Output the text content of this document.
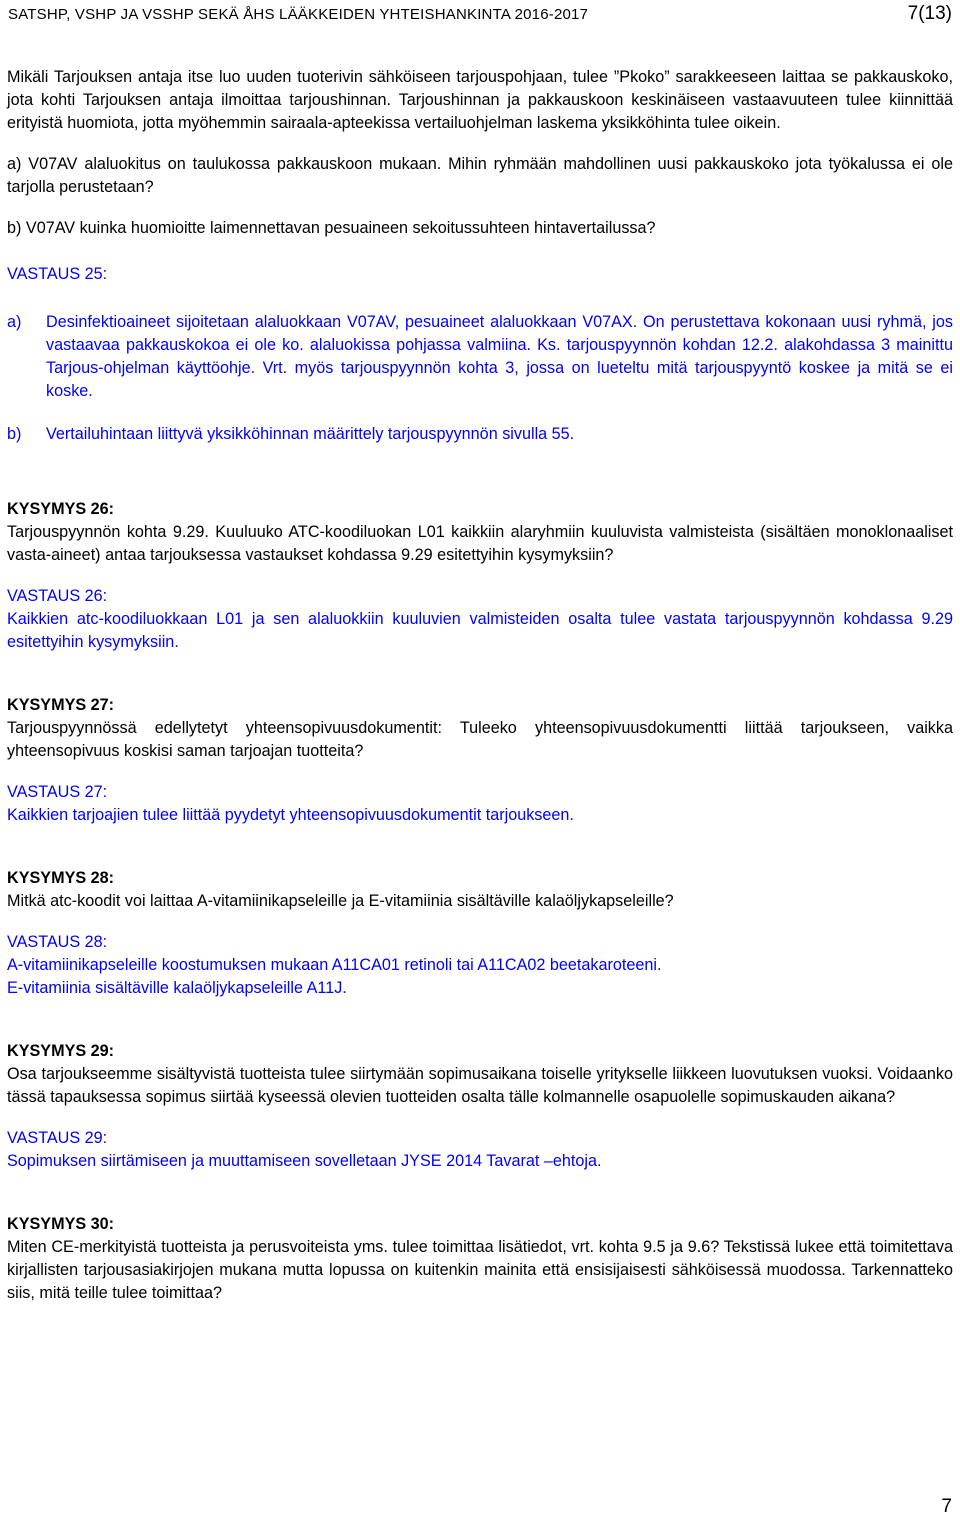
SATSHP, VSHP JA VSSHP SEKÄ ÅHS LÄÄKKEIDEN YHTEISHANKINTA 2016-2017	7(13)

Mikäli Tarjouksen antaja itse luo uuden tuoterivin sähköiseen tarjouspohjaan, tulee ”Pkoko” sarakkeeseen laittaa se pakkauskoko, jota kohti Tarjouksen antaja ilmoittaa tarjoushinnan. Tarjoushinnan ja pakkauskoon keskinäiseen vastaavuuteen tulee kiinnittää erityistä huomiota, jotta myöhemmin sairaala-apteekissa vertailuohjelman laskema yksikköhinta tulee oikein.

a) V07AV alaluokitus on taulukossa pakkauskoon mukaan. Mihin ryhmään mahdollinen uusi pakkauskoko jota työkalussa ei ole tarjolla perustetaan?

b) V07AV kuinka huomioitte laimennettavan pesuaineen sekoitussuhteen hintavertailussa?

VASTAUS 25:

a)	Desinfektioaineet sijoitetaan alaluokkaan V07AV, pesuaineet alaluokkaan V07AX. On perustettava kokonaan uusi ryhmä, jos vastaavaa pakkauskokoa ei ole ko. alaluokissa pohjassa valmiina. Ks. tarjouspyynnön kohdan 12.2. alakohdassa 3 mainittu Tarjous-ohjelman käyttöohje. Vrt. myös tarjouspyynnön kohta 3, jossa on lueteltu mitä tarjouspyyntö koskee ja mitä se ei koske.
b)	Vertailuhintaan liittyvä yksikköhinnan määrittely tarjouspyynnön sivulla 55.

KYSYMYS 26:

Tarjouspyynnön kohta 9.29. Kuuluuko ATC-koodiluokan L01 kaikkiin alaryhmiin kuuluvista valmisteista (sisältäen monoklonaaliset vasta-aineet) antaa tarjouksessa vastaukset kohdassa 9.29 esitettyihin kysymyksiin?

VASTAUS 26:

Kaikkien atc-koodiluokkaan L01 ja sen alaluokkiin kuuluvien valmisteiden osalta tulee vastata tarjouspyynnön kohdassa 9.29 esitettyihin kysymyksiin.

KYSYMYS 27:

Tarjouspyynnössä edellytetyt yhteensopivuusdokumentit: Tuleeko yhteensopivuusdokumentti liittää tarjoukseen, vaikka yhteensopivuus koskisi saman tarjoajan tuotteita?

VASTAUS 27:

Kaikkien tarjoajien tulee liittää pyydetyt yhteensopivuusdokumentit tarjoukseen.

KYSYMYS 28:

Mitkä atc-koodit voi laittaa A-vitamiinikapseleille ja E-vitamiinia sisältäville kalaöljykapseleille?

VASTAUS 28:

A-vitamiinikapseleille koostumuksen mukaan A11CA01 retinoli tai A11CA02 beetakaroteeni.

E-vitamiinia sisältäville kalaöljykapseleille A11J.

KYSYMYS 29:

Osa tarjoukseemme sisältyvistä tuotteista tulee siirtymään sopimusaikana toiselle yritykselle liikkeen luovutuksen vuoksi. Voidaanko tässä tapauksessa sopimus siirtää kyseessä olevien tuotteiden osalta tälle kolmannelle osapuolelle sopimuskauden aikana?

VASTAUS 29:

Sopimuksen siirtämiseen ja muuttamiseen sovelletaan JYSE 2014 Tavarat –ehtoja.

KYSYMYS 30:

Miten CE-merkityistä tuotteista ja perusvoiteista yms. tulee toimittaa lisätiedot, vrt. kohta 9.5 ja 9.6? Tekstissä lukee että toimitettava kirjallisten tarjousasiakirjojen mukana mutta lopussa on kuitenkin mainita että ensisijaisesti sähköisessä muodossa. Tarkennatteko siis, mitä teille tulee toimittaa?

7
